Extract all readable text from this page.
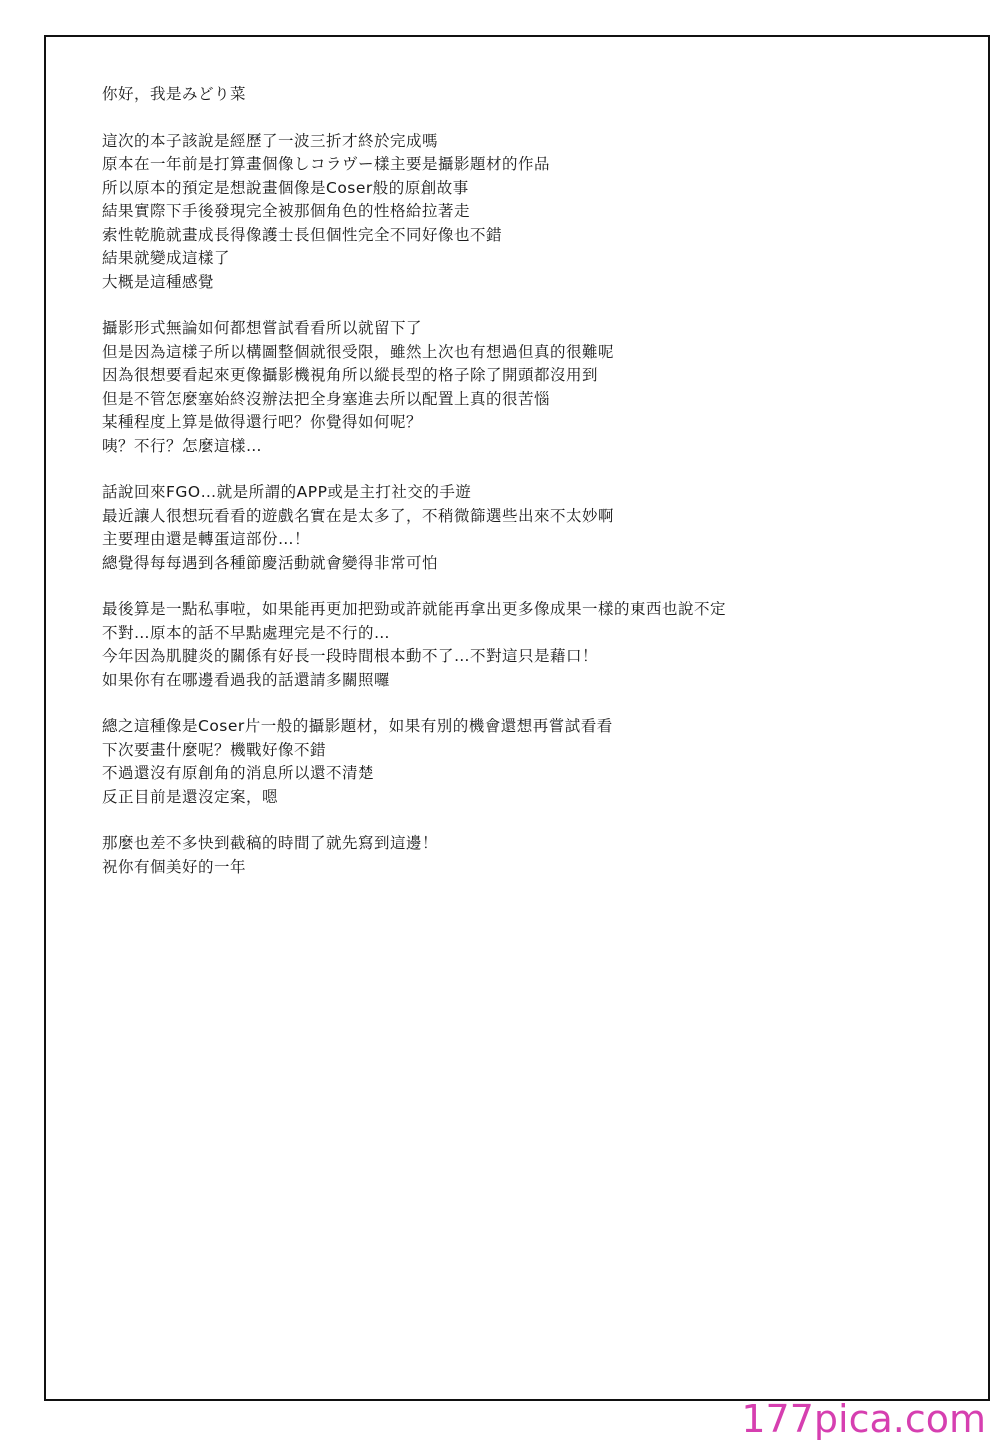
你好，我是みどり菜
這次的本子該說是經歷了一波三折才終於完成嗎
原本在一年前是打算畫個像しコラヴー樣主要是攝影題材的作品
所以原本的預定是想說畫個像是Coser般的原創故事
結果實際下手後發現完全被那個角色的性格給拉著走
索性乾脆就畫成長得像護士長但個性完全不同好像也不錯
結果就變成這樣了
大概是這種感覺
攝影形式無論如何都想嘗試看看所以就留下了
但是因為這樣子所以構圖整個就很受限，雖然上次也有想過但真的很難呢
因為很想要看起來更像攝影機視角所以縱長型的格子除了開頭都沒用到
但是不管怎麼塞始終沒辦法把全身塞進去所以配置上真的很苦惱
某種程度上算是做得還行吧？你覺得如何呢？
咦？不行？怎麼這樣…
話說回來FGO…就是所謂的APP或是主打社交的手遊
最近讓人很想玩看看的遊戲名實在是太多了，不稍微篩選些出來不太妙啊
主要理由還是轉蛋這部份…！
總覺得每每遇到各種節慶活動就會變得非常可怕
最後算是一點私事啦，如果能再更加把勁或許就能再拿出更多像成果一樣的東西也說不定
不對…原本的話不早點處理完是不行的…
今年因為肌腱炎的關係有好長一段時間根本動不了…不對這只是藉口！
如果你有在哪邊看過我的話還請多關照囉
總之這種像是Coser片一般的攝影題材，如果有別的機會還想再嘗試看看
下次要畫什麼呢？機戰好像不錯
不過還沒有原創角的消息所以還不清楚
反正目前是還沒定案，嗯
那麼也差不多快到截稿的時間了就先寫到這邊！
祝你有個美好的一年
177pica.com
